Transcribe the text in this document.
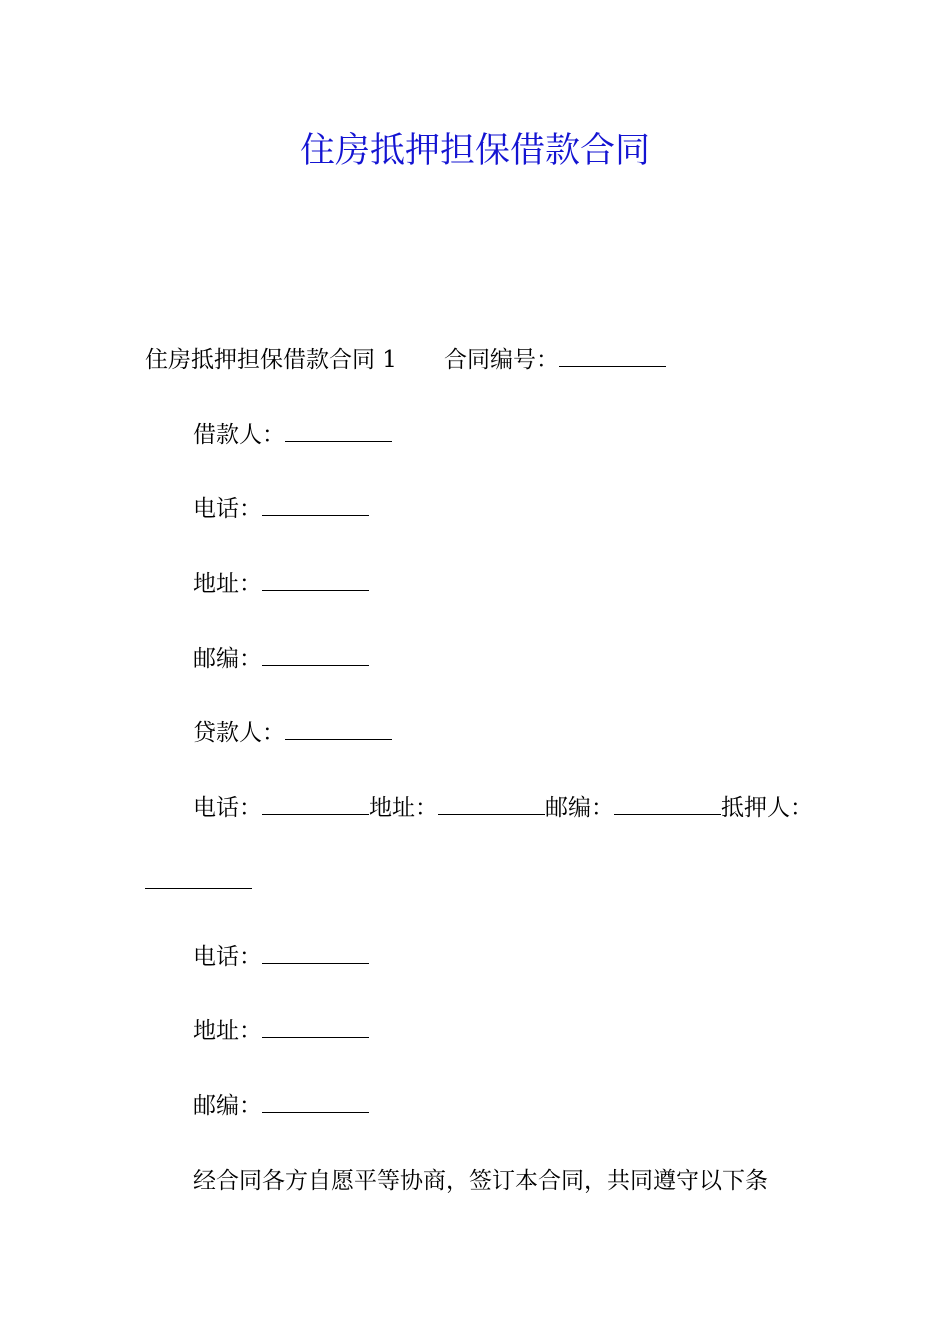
住房抵押担保借款合同
住房抵押担保借款合同 1 合同编号：
借款人：
电话：
地址：
邮编：
贷款人：
电话：	地址：	邮编：	抵押人：
电话：
地址：
邮编：
经合同各方自愿平等协商，签订本合同，共同遵守以下条
